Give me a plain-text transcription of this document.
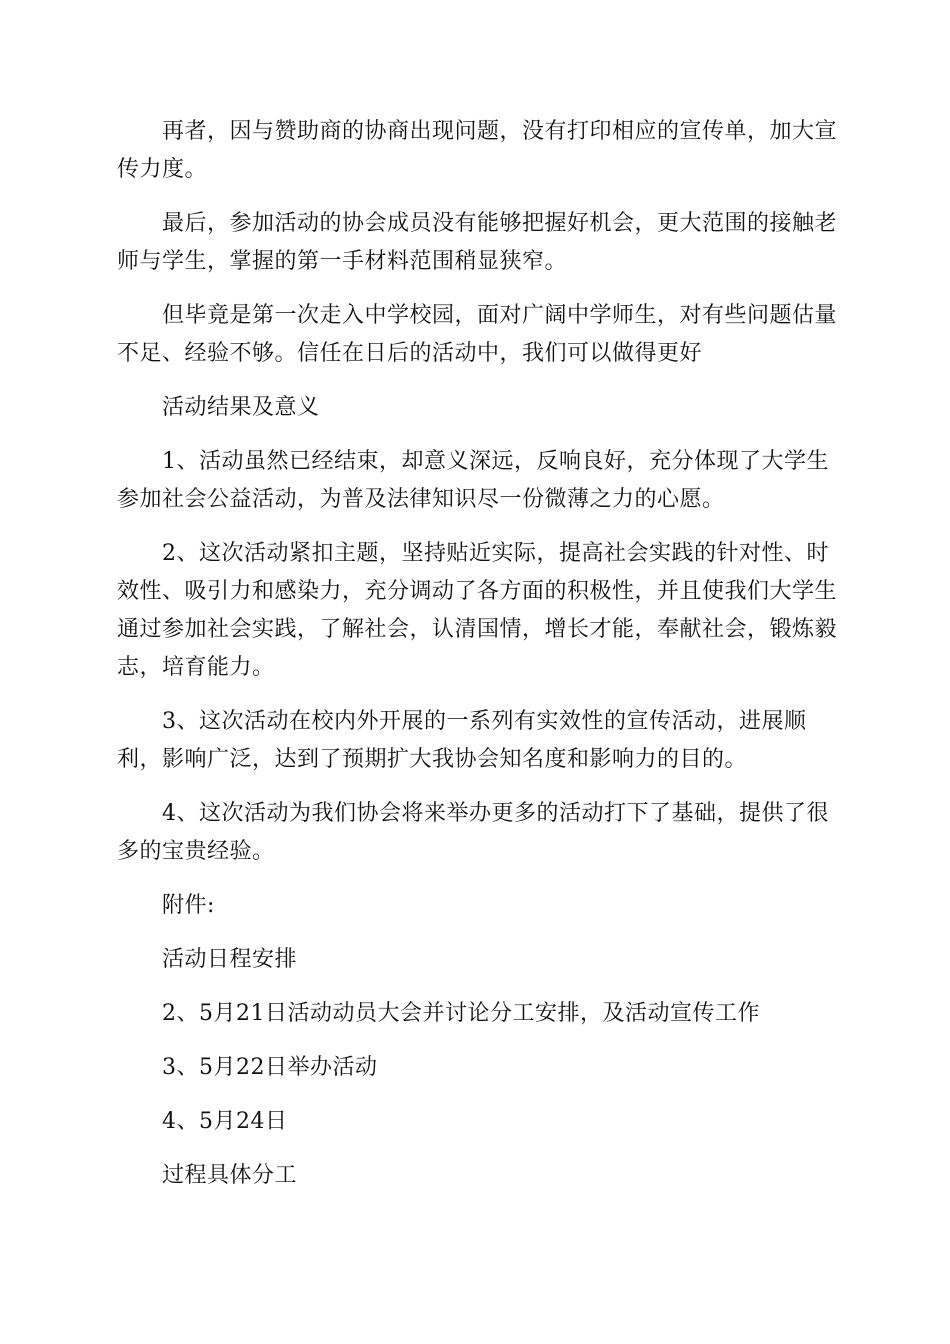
再者，因与赞助商的协商出现问题，没有打印相应的宣传单，加大宣传力度。

最后，参加活动的协会成员没有能够把握好机会，更大范围的接触老师与学生，掌握的第一手材料范围稍显狭窄。

但毕竟是第一次走入中学校园，面对广阔中学师生，对有些问题估量不足、经验不够。信任在日后的活动中，我们可以做得更好

活动结果及意义

1、活动虽然已经结束，却意义深远，反响良好，充分体现了大学生参加社会公益活动，为普及法律知识尽一份微薄之力的心愿。

2、这次活动紧扣主题，坚持贴近实际，提高社会实践的针对性、时效性、吸引力和感染力，充分调动了各方面的积极性，并且使我们大学生通过参加社会实践，了解社会，认清国情，增长才能，奉献社会，锻炼毅志，培育能力。

3、这次活动在校内外开展的一系列有实效性的宣传活动，进展顺利，影响广泛，达到了预期扩大我协会知名度和影响力的目的。

4、这次活动为我们协会将来举办更多的活动打下了基础，提供了很多的宝贵经验。

附件:

活动日程安排

2、5月21日活动动员大会并讨论分工安排，及活动宣传工作

3、5月22日举办活动

4、5月24日

过程具体分工
